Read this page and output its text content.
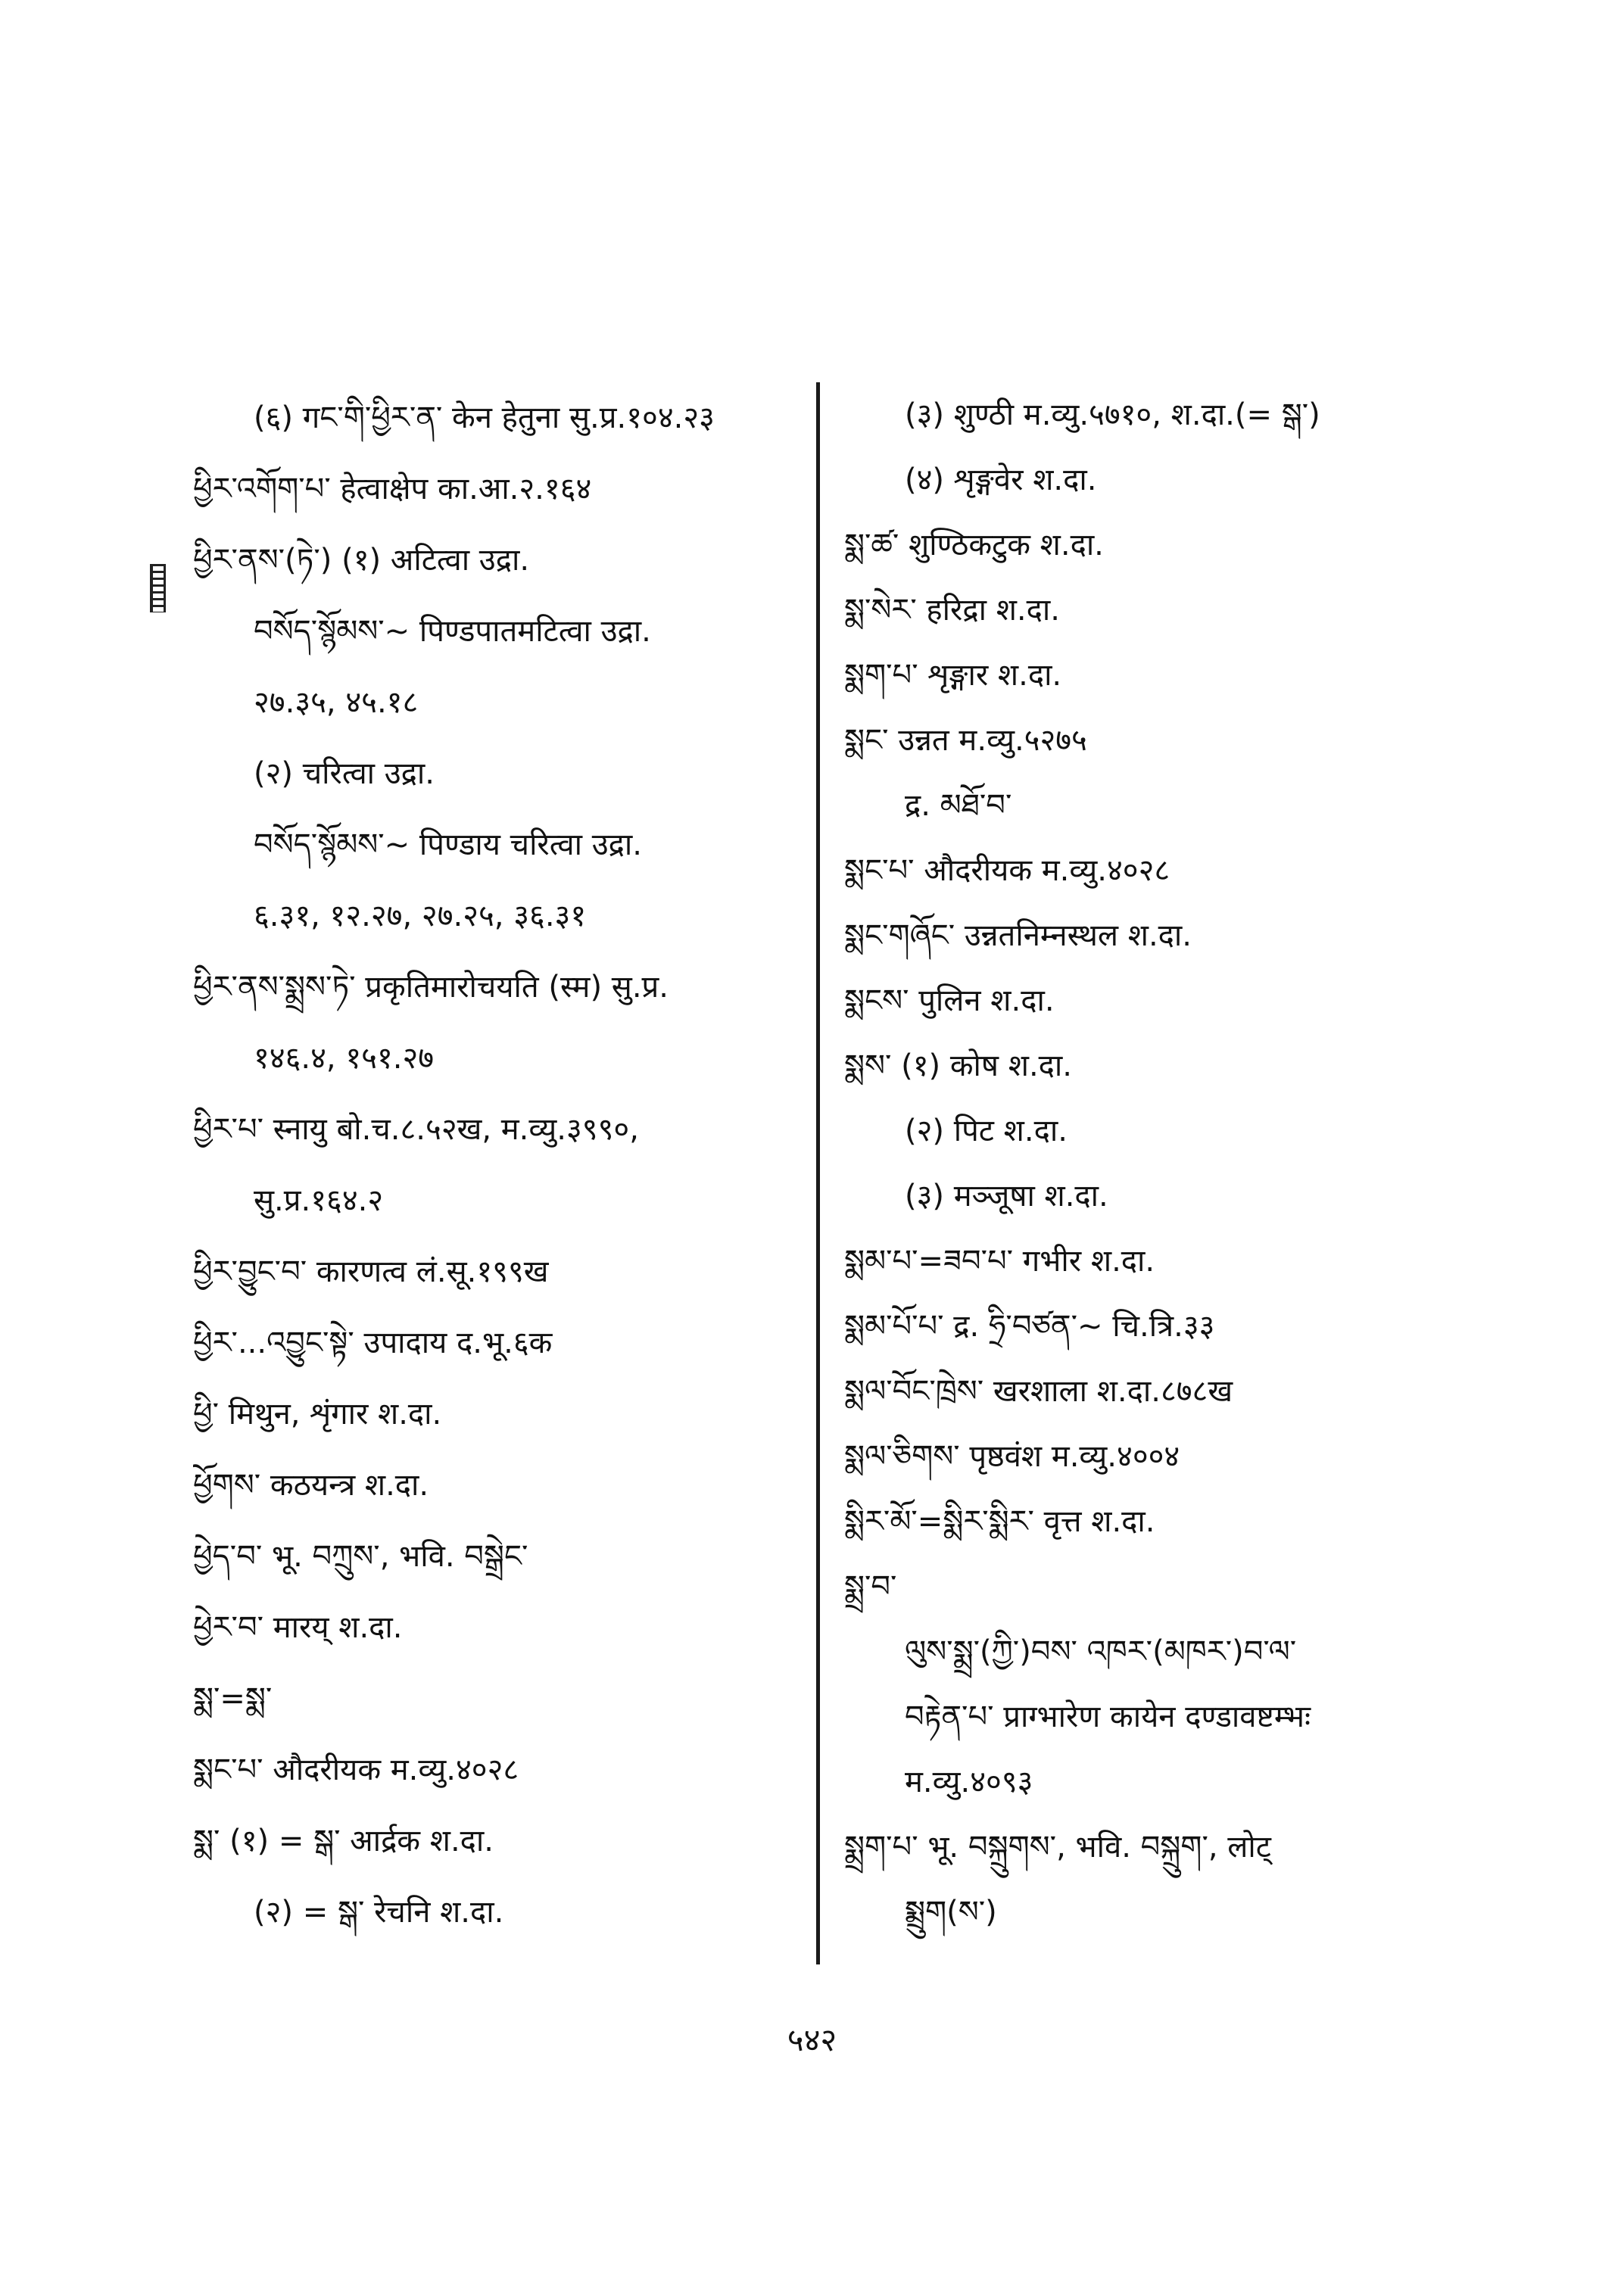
(६) गང་གི་ཕྱིར་ན་ केन हेतुना सु.प्र.१०४.२३
ཕྱིར་འགོག་པ་ हेत्वाक्षेप का.आ.२.१६४
ཕྱིར་ནས་(ཏེ་) (१) अटित्वा उद्रा.
བསོད་སྙོམས་~ पिण्डपातमटित्वा उद्रा.
२७.३५, ४५.१८
(२) चरित्वा उद्रा.
བསོད་སྙོམས་~ पिण्डाय चरित्वा उद्रा.
६.३१, १२.२७, २७.२५, ३६.३१
ཕྱིར་ནས་སྨྲས་ཏེ་ प्रकृतिमारोचयति (स्म) सु.प्र.
१४६.४, १५१.२७
ཕྱིར་པ་ स्नायु बो.च.८.५२ख, म.व्यु.३९९०,
सु.प्र.१६४.२
ཕྱིར་བྱུང་བ་ कारणत्व लं.सू.१९९ख
ཕྱིར་...འབྱུང་སྟེ་ उपादाय द.भू.६क
ཕྱི་ मिथुन, शृंगार श.दा.
ཕྱོགས་ कठयन्त्र श.दा.
ཕྱེད་བ་ भू. བཀྲུས་, भवि. བསྒྲེང་
ཕྱེར་བ་ मारय् श.दा.
སྨ་=སྨ་
སྨང་པ་ औदरीयक म.व्यु.४०२८
སྨ་ (१) = སྒ་ आर्द्रक श.दा.
(२) = སྒ་ रेचनि श.दा.
(३) शुण्ठी म.व्यु.५७१०, श.दा.(= སྒ་)
(४) शृङ्गवेर श.दा.
སྨ་ཚ་ शुण्ठिकटुक श.दा.
སྨ་སེར་ हरिद्रा श.दा.
སྨག་པ་ शृङ्गार श.दा.
སྨང་ उन्नत म.व्यु.५२७५
द्र. མཐོ་བ་
སྨང་པ་ औदरीयक म.व्यु.४०२८
སྨང་གཞོང་ उन्नतनिम्नस्थल श.दा.
སྨངས་ पुलिन श.दा.
སྨས་ (१) कोष श.दा.
(२) पिट श.दा.
(३) मञ्जूषा श.दा.
སྨམ་པ་=ཟབ་པ་ गभीर श.दा.
སྨམ་པོ་པ་ द्र. ཧྲི་བཙན་~ चि.त्रि.३३
སྨལ་བོང་ཁྲེས་ खरशाला श.दा.८७८ख
སྨལ་ཅིགས་ पृष्ठवंश म.व्यु.४००४
སྨིར་མོ་=སྨིར་སྨིར་ वृत्त श.दा.
སྨྲ་བ་
ལུས་སྨྲ་(ཀྱི་)བས་ འཁར་(མཁར་)བ་ལ་
བརྟེན་པ་ प्राग्भारेण कायेन दण्डावष्टम्भः
म.व्यु.४०९३
སྨྲག་པ་ भू. བསྐྲུགས་, भवि. བསྐྲུག་, लोट्
སྨྲུག(ས་)
५४२
